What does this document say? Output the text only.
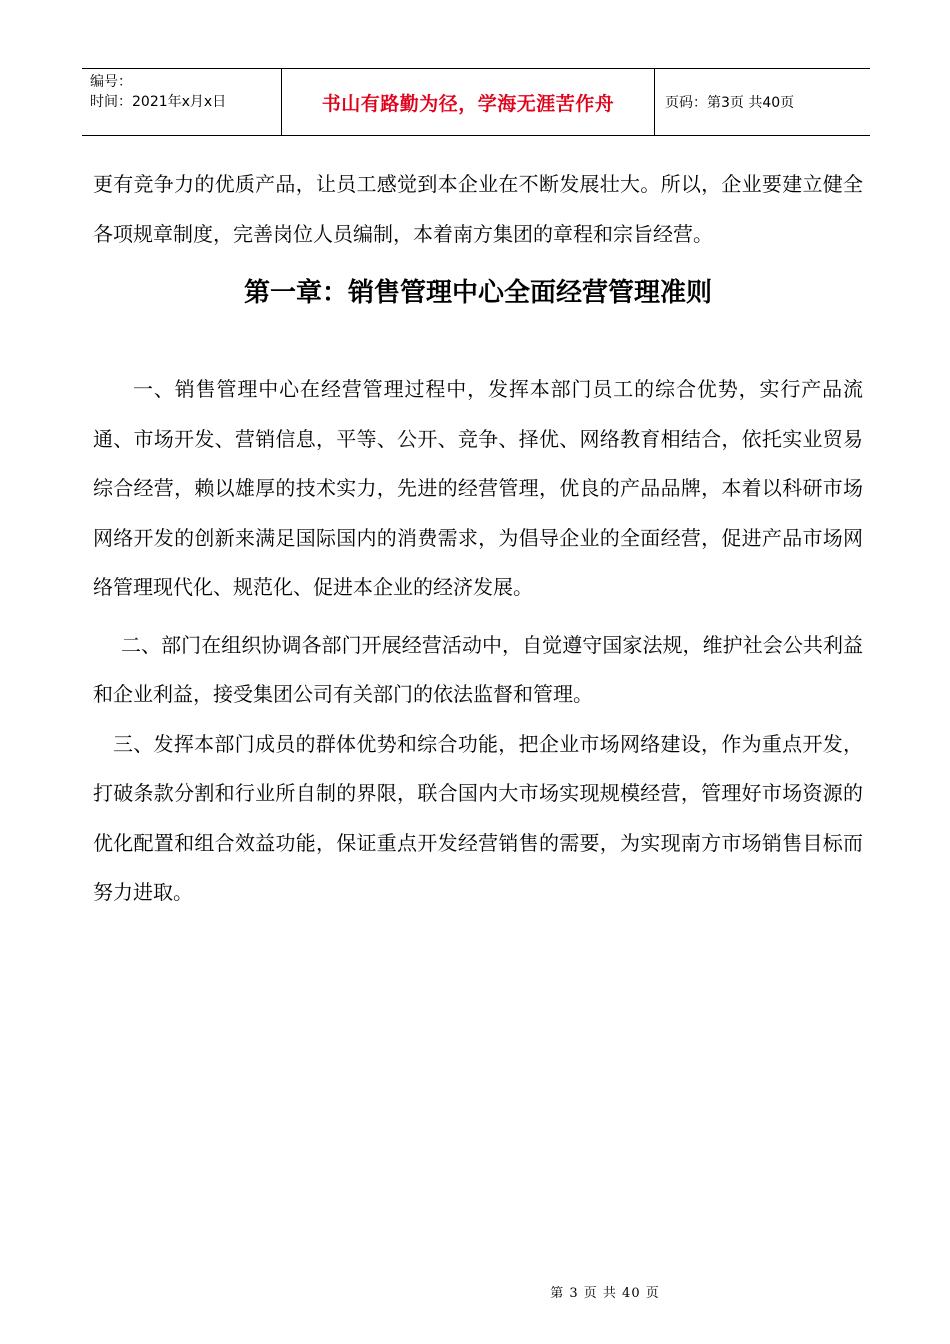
编号：
时间：2021年x月x日	书山有路勤为径，学海无涯苦作舟	页码：第3页 共40页

更有竞争力的优质产品，让员工感觉到本企业在不断发展壮大。所以，企业要建立健全各项规章制度，完善岗位人员编制，本着南方集团的章程和宗旨经营。

第一章：销售管理中心全面经营管理准则

一、销售管理中心在经营管理过程中，发挥本部门员工的综合优势，实行产品流通、市场开发、营销信息，平等、公开、竞争、择优、网络教育相结合，依托实业贸易综合经营，赖以雄厚的技术实力，先进的经营管理，优良的产品品牌，本着以科研市场网络开发的创新来满足国际国内的消费需求，为倡导企业的全面经营，促进产品市场网络管理现代化、规范化、促进本企业的经济发展。

二、部门在组织协调各部门开展经营活动中，自觉遵守国家法规，维护社会公共利益和企业利益，接受集团公司有关部门的依法监督和管理。

三、发挥本部门成员的群体优势和综合功能，把企业市场网络建设，作为重点开发，打破条款分割和行业所自制的界限，联合国内大市场实现规模经营，管理好市场资源的优化配置和组合效益功能，保证重点开发经营销售的需要，为实现南方市场销售目标而努力进取。

第 3 页 共 40 页
